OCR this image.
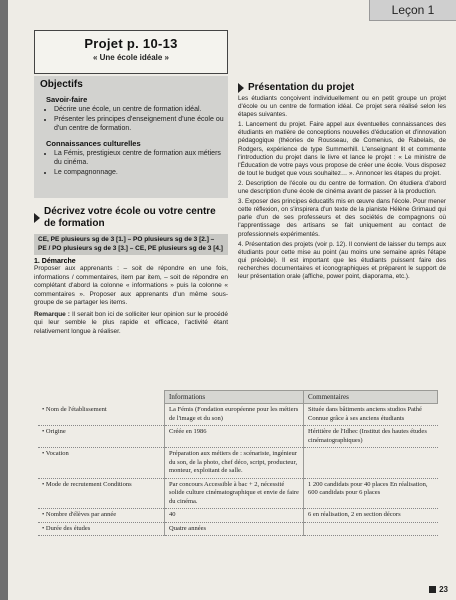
Leçon 1
Projet p. 10-13
« Une école idéale »
Objectifs
Savoir-faire
• Décrire une école, un centre de formation idéal.
• Présenter les principes d'enseignement d'une école ou d'un centre de formation.
Connaissances culturelles
• La Fémis, prestigieux centre de formation aux métiers du cinéma.
• Le compagnonnage.
Décrivez votre école ou votre centre de formation
CE, PE plusieurs sg de 3 [1.] – PO plusieurs sg de 3 [2.] – PE / PO plusieurs sg de 3 [3.] – CE, PE plusieurs sg de 3 [4.]
1. Démarche
Proposer aux apprenants : – soit de répondre en une fois, informations / commentaires, item par item, – soit de répondre en complétant d'abord la colonne « informations » puis la colonne « commentaires ». Proposer aux apprenants d'un même sous-groupe de se partager les items.
Remarque : Il serait bon ici de solliciter leur opinion sur le procédé qui leur semble le plus rapide et efficace, l'activité étant relativement longue à réaliser.
Présentation du projet
Les étudiants conçoivent individuellement ou en petit groupe un projet d'école ou un centre de formation idéal. Ce projet sera réalisé selon les étapes suivantes.
1. Lancement du projet. Faire appel aux éventuelles connaissances des étudiants en matière de conceptions nouvelles d'éducation et d'innovation pédagogique (théories de Rousseau, de Comenius, de Rabelais, de Rodgers, expérience de type Summerhill. L'enseignant lit et commente l'introduction du projet dans le livre et lance le projet : « Le ministre de l'Éducation de votre pays vous propose de créer une école. Vous disposez de tout le budget que vous souhaitez… ». Annoncer les étapes du projet.
2. Description de l'école ou du centre de formation. On étudiera d'abord une description d'une école de cinéma avant de passer à la production.
3. Exposer des principes éducatifs mis en œuvre dans l'école. Pour mener cette réflexion, on s'inspirera d'un texte de la pianiste Hélène Grimaud qui parle d'un de ses professeurs et des sociétés de compagnons où l'apprentissage des artisans se fait uniquement au contact de professionnels expérimentés.
4. Présentation des projets (voir p. 12). Il convient de laisser du temps aux étudiants pour cette mise au point (au moins une semaine après l'étape qui précède). Il est important que les étudiants puissent faire des recherches documentaires et iconographiques et préparent le support de leur présentation orale (affiche, power point, diaporama, etc.).
	Informations	Commentaires
• Nom de l'établissement	La Fémis (Fondation européenne pour les métiers de l'image et du son)	Située dans bâtiments anciens studios Pathé Connue grâce à ses anciens étudiants
• Origine	Créée en 1986	Héritière de l'Idhec (Institut des hautes études cinématographiques)
• Vocation	Préparation aux métiers de : scénariste, ingénieur du son, de la photo, chef déco, script, producteur, monteur, exploitant de salle.	
• Mode de recrutement Conditions	Par concours Accessible à bac + 2, nécessité solide culture cinématographique et envie de faire du cinéma.	1 200 candidats pour 40 places En réalisation, 600 candidats pour 6 places
• Nombre d'élèves par année	40	6 en réalisation, 2 en section décors
• Durée des études	Quatre années	
23
